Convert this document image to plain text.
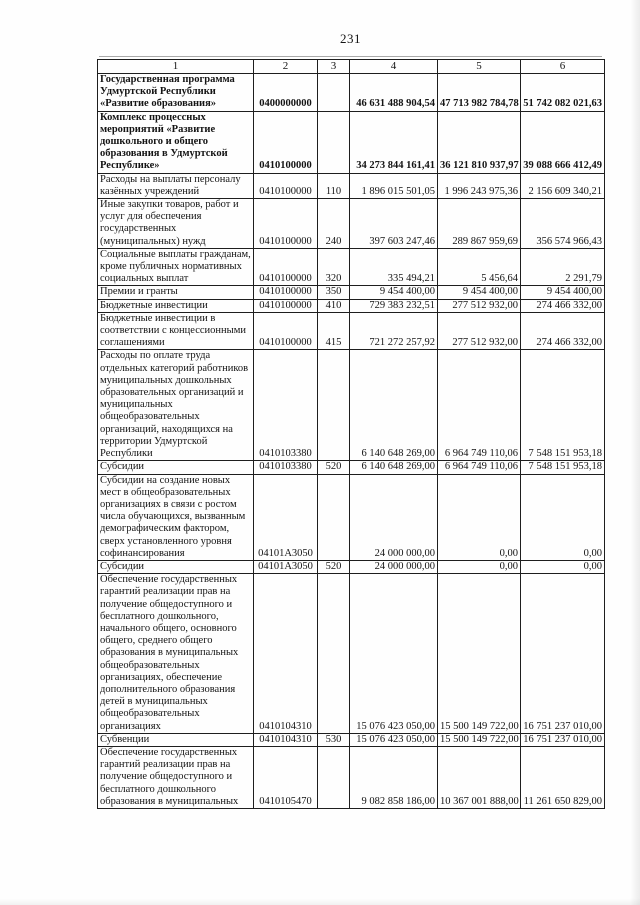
231
1	2	3	4	5	6
Государственная программа Удмуртской Республики «Развитие образования»	0400000000		46 631 488 904,54	47 713 982 784,78	51 742 082 021,63
Комплекс процессных мероприятий «Развитие дошкольного и общего образования в Удмуртской Республике»	0410100000		34 273 844 161,41	36 121 810 937,97	39 088 666 412,49
Расходы на выплаты персоналу казённых учреждений	0410100000	110	1 896 015 501,05	1 996 243 975,36	2 156 609 340,21
Иные закупки товаров, работ и услуг для обеспечения государственных (муниципальных) нужд	0410100000	240	397 603 247,46	289 867 959,69	356 574 966,43
Социальные выплаты гражданам, кроме публичных нормативных социальных выплат	0410100000	320	335 494,21	5 456,64	2 291,79
Премии и гранты	0410100000	350	9 454 400,00	9 454 400,00	9 454 400,00
Бюджетные инвестиции	0410100000	410	729 383 232,51	277 512 932,00	274 466 332,00
Бюджетные инвестиции в соответствии с концессионными соглашениями	0410100000	415	721 272 257,92	277 512 932,00	274 466 332,00
Расходы по оплате труда отдельных категорий работников муниципальных дошкольных образовательных организаций и муниципальных общеобразовательных организаций, находящихся на территории Удмуртской Республики	0410103380		6 140 648 269,00	6 964 749 110,06	7 548 151 953,18
Субсидии	0410103380	520	6 140 648 269,00	6 964 749 110,06	7 548 151 953,18
Субсидии на создание новых мест в общеобразовательных организациях в связи с ростом числа обучающихся, вызванным демографическим фактором, сверх установленного уровня софинансирования	04101А3050		24 000 000,00	0,00	0,00
Субсидии	04101А3050	520	24 000 000,00	0,00	0,00
Обеспечение государственных гарантий реализации прав на получение общедоступного и бесплатного дошкольного, начального общего, основного общего, среднего общего образования в муниципальных общеобразовательных организациях, обеспечение дополнительного образования детей в муниципальных общеобразовательных организациях	0410104310		15 076 423 050,00	15 500 149 722,00	16 751 237 010,00
Субвенции	0410104310	530	15 076 423 050,00	15 500 149 722,00	16 751 237 010,00
Обеспечение государственных гарантий реализации прав на получение общедоступного и бесплатного дошкольного образования в муниципальных	0410105470		9 082 858 186,00	10 367 001 888,00	11 261 650 829,00
